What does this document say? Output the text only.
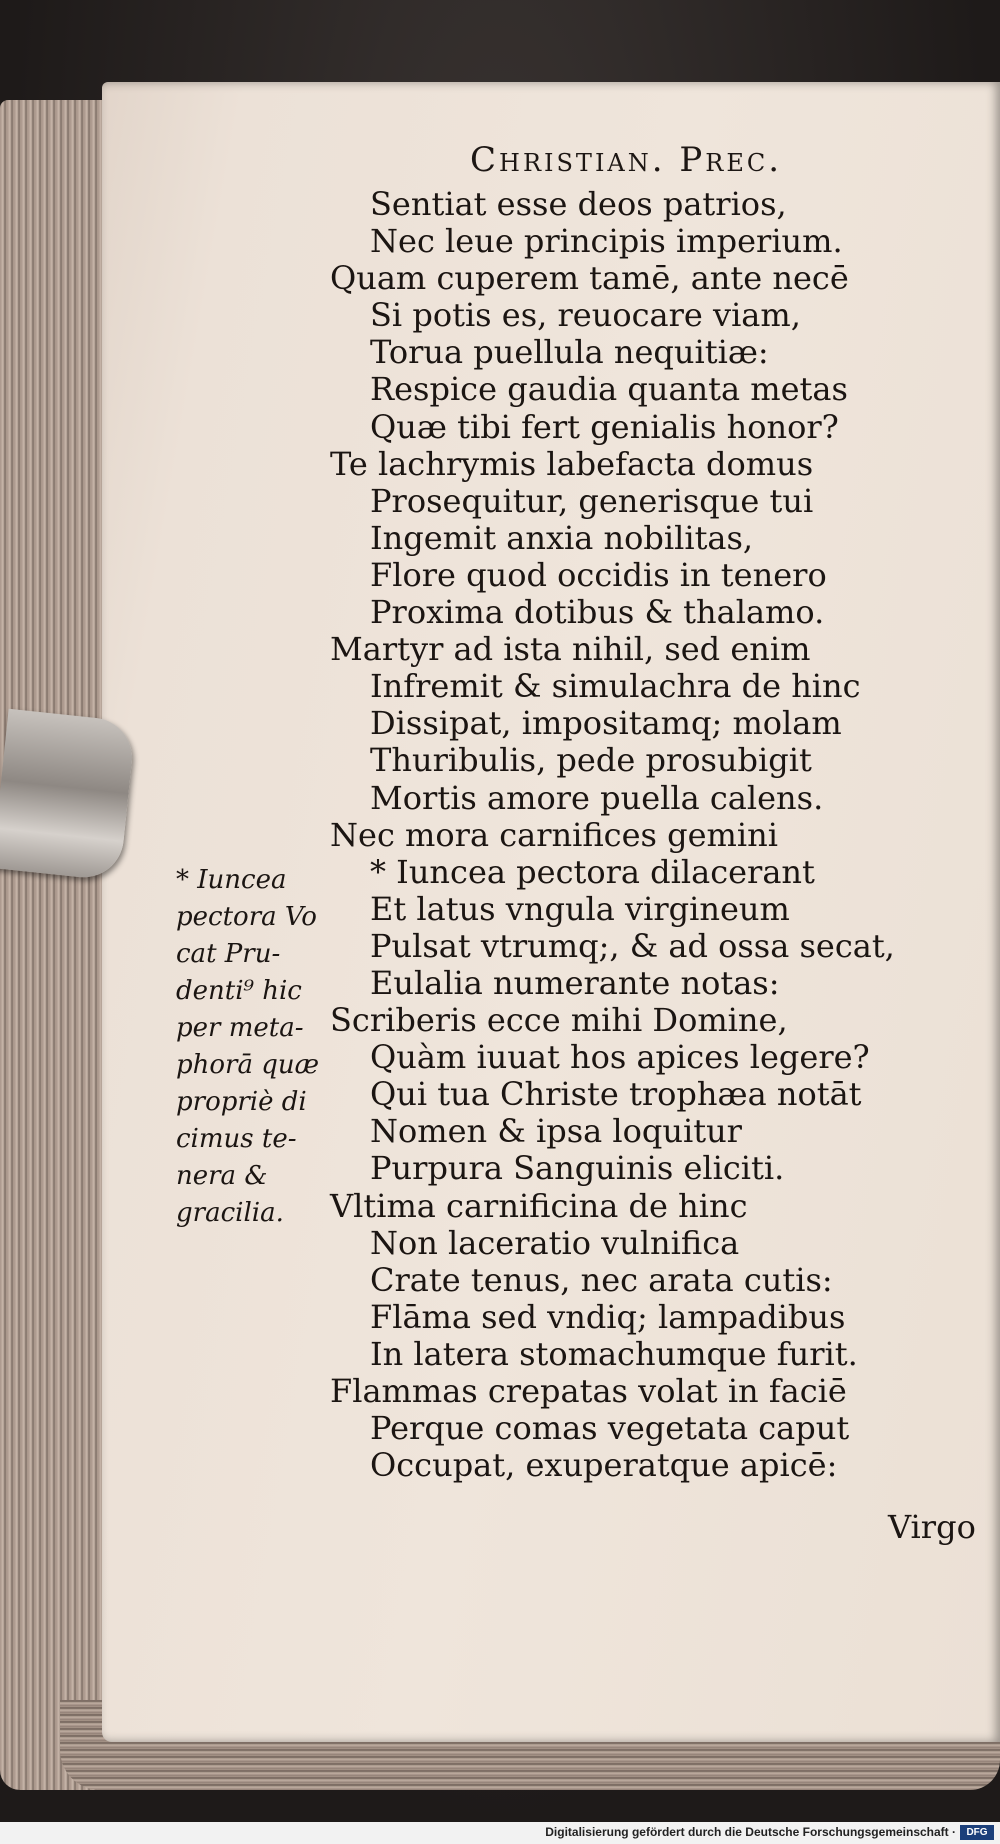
Christian. Prec.
Sentiat esse deos patrios,
Nec leue principis imperium.
Quam cuperem tamē, ante necē
Si potis es, reuocare viam,
Torua puellula nequitiæ:
Respice gaudia quanta metas
Quæ tibi fert genialis honor?
Te lachrymis labefacta domus
Prosequitur, generisque tui
Ingemit anxia nobilitas,
Flore quod occidis in tenero
Proxima dotibus & thalamo.
Martyr ad ista nihil, sed enim
Infremit & simulachra de hinc
Dissipat, impositamq; molam
Thuribulis, pede prosubigit
Mortis amore puella calens.
Nec mora carnifices gemini
* Iuncea pectora dilacerant
Et latus vngula virgineum
Pulsat vtrumq;, & ad ossa secat,
Eulalia numerante notas:
Scriberis ecce mihi Domine,
Quàm iuuat hos apices legere?
Qui tua Christe trophæa notāt
Nomen & ipsa loquitur
Purpura Sanguinis eliciti.
Vltima carnificina de hinc
Non laceratio vulnifica
Crate tenus, nec arata cutis:
Flāma sed vndiq; lampadibus
In latera stomachumque furit.
Flammas crepatas volat in faciē
Perque comas vegetata caput
Occupat, exuperatque apicē:
* Iuncea
pectora Vo
cat Pru-
denti⁹ hic
per meta-
phorā quæ
propriè di
cimus te-
nera &
gracilia.
Virgo
Digitalisierung gefördert durch die Deutsche Forschungsgemeinschaft ·	DFG
